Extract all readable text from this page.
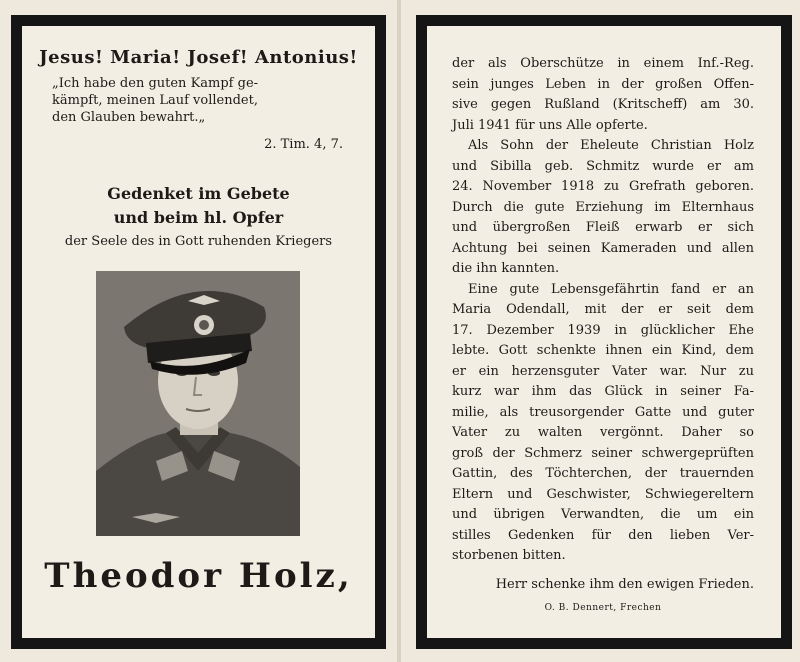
Jesus! Maria! Josef! Antonius!
„Ich habe den guten Kampf ge-
kämpft, meinen Lauf vollendet,
den Glauben bewahrt.„
2. Tim. 4, 7.
Gedenket im Gebete
und beim hl. Opfer
der Seele des in Gott ruhenden Kriegers
Theodor Holz,
der als Oberschütze in einem Inf.-Reg.
sein junges Leben in der großen Offen-
sive gegen Rußland (Kritscheff) am 30.
Juli 1941 für uns Alle opferte.
Als Sohn der Eheleute Christian Holz
und Sibilla geb. Schmitz wurde er am
24. November 1918 zu Grefrath geboren.
Durch die gute Erziehung im Elternhaus
und übergroßen Fleiß erwarb er sich
Achtung bei seinen Kameraden und allen
die ihn kannten.
Eine gute Lebensgefährtin fand er an
Maria Odendall, mit der er seit dem
17. Dezember 1939 in glücklicher Ehe
lebte. Gott schenkte ihnen ein Kind, dem
er ein herzensguter Vater war. Nur zu
kurz war ihm das Glück in seiner Fa-
milie, als treusorgender Gatte und guter
Vater zu walten vergönnt. Daher so
groß der Schmerz seiner schwergeprüften
Gattin, des Töchterchen, der trauernden
Eltern und Geschwister, Schwiegereltern
und übrigen Verwandten, die um ein
stilles Gedenken für den lieben Ver-
storbenen bitten.
Herr schenke ihm den ewigen Frieden.
O. B. Dennert, Frechen
